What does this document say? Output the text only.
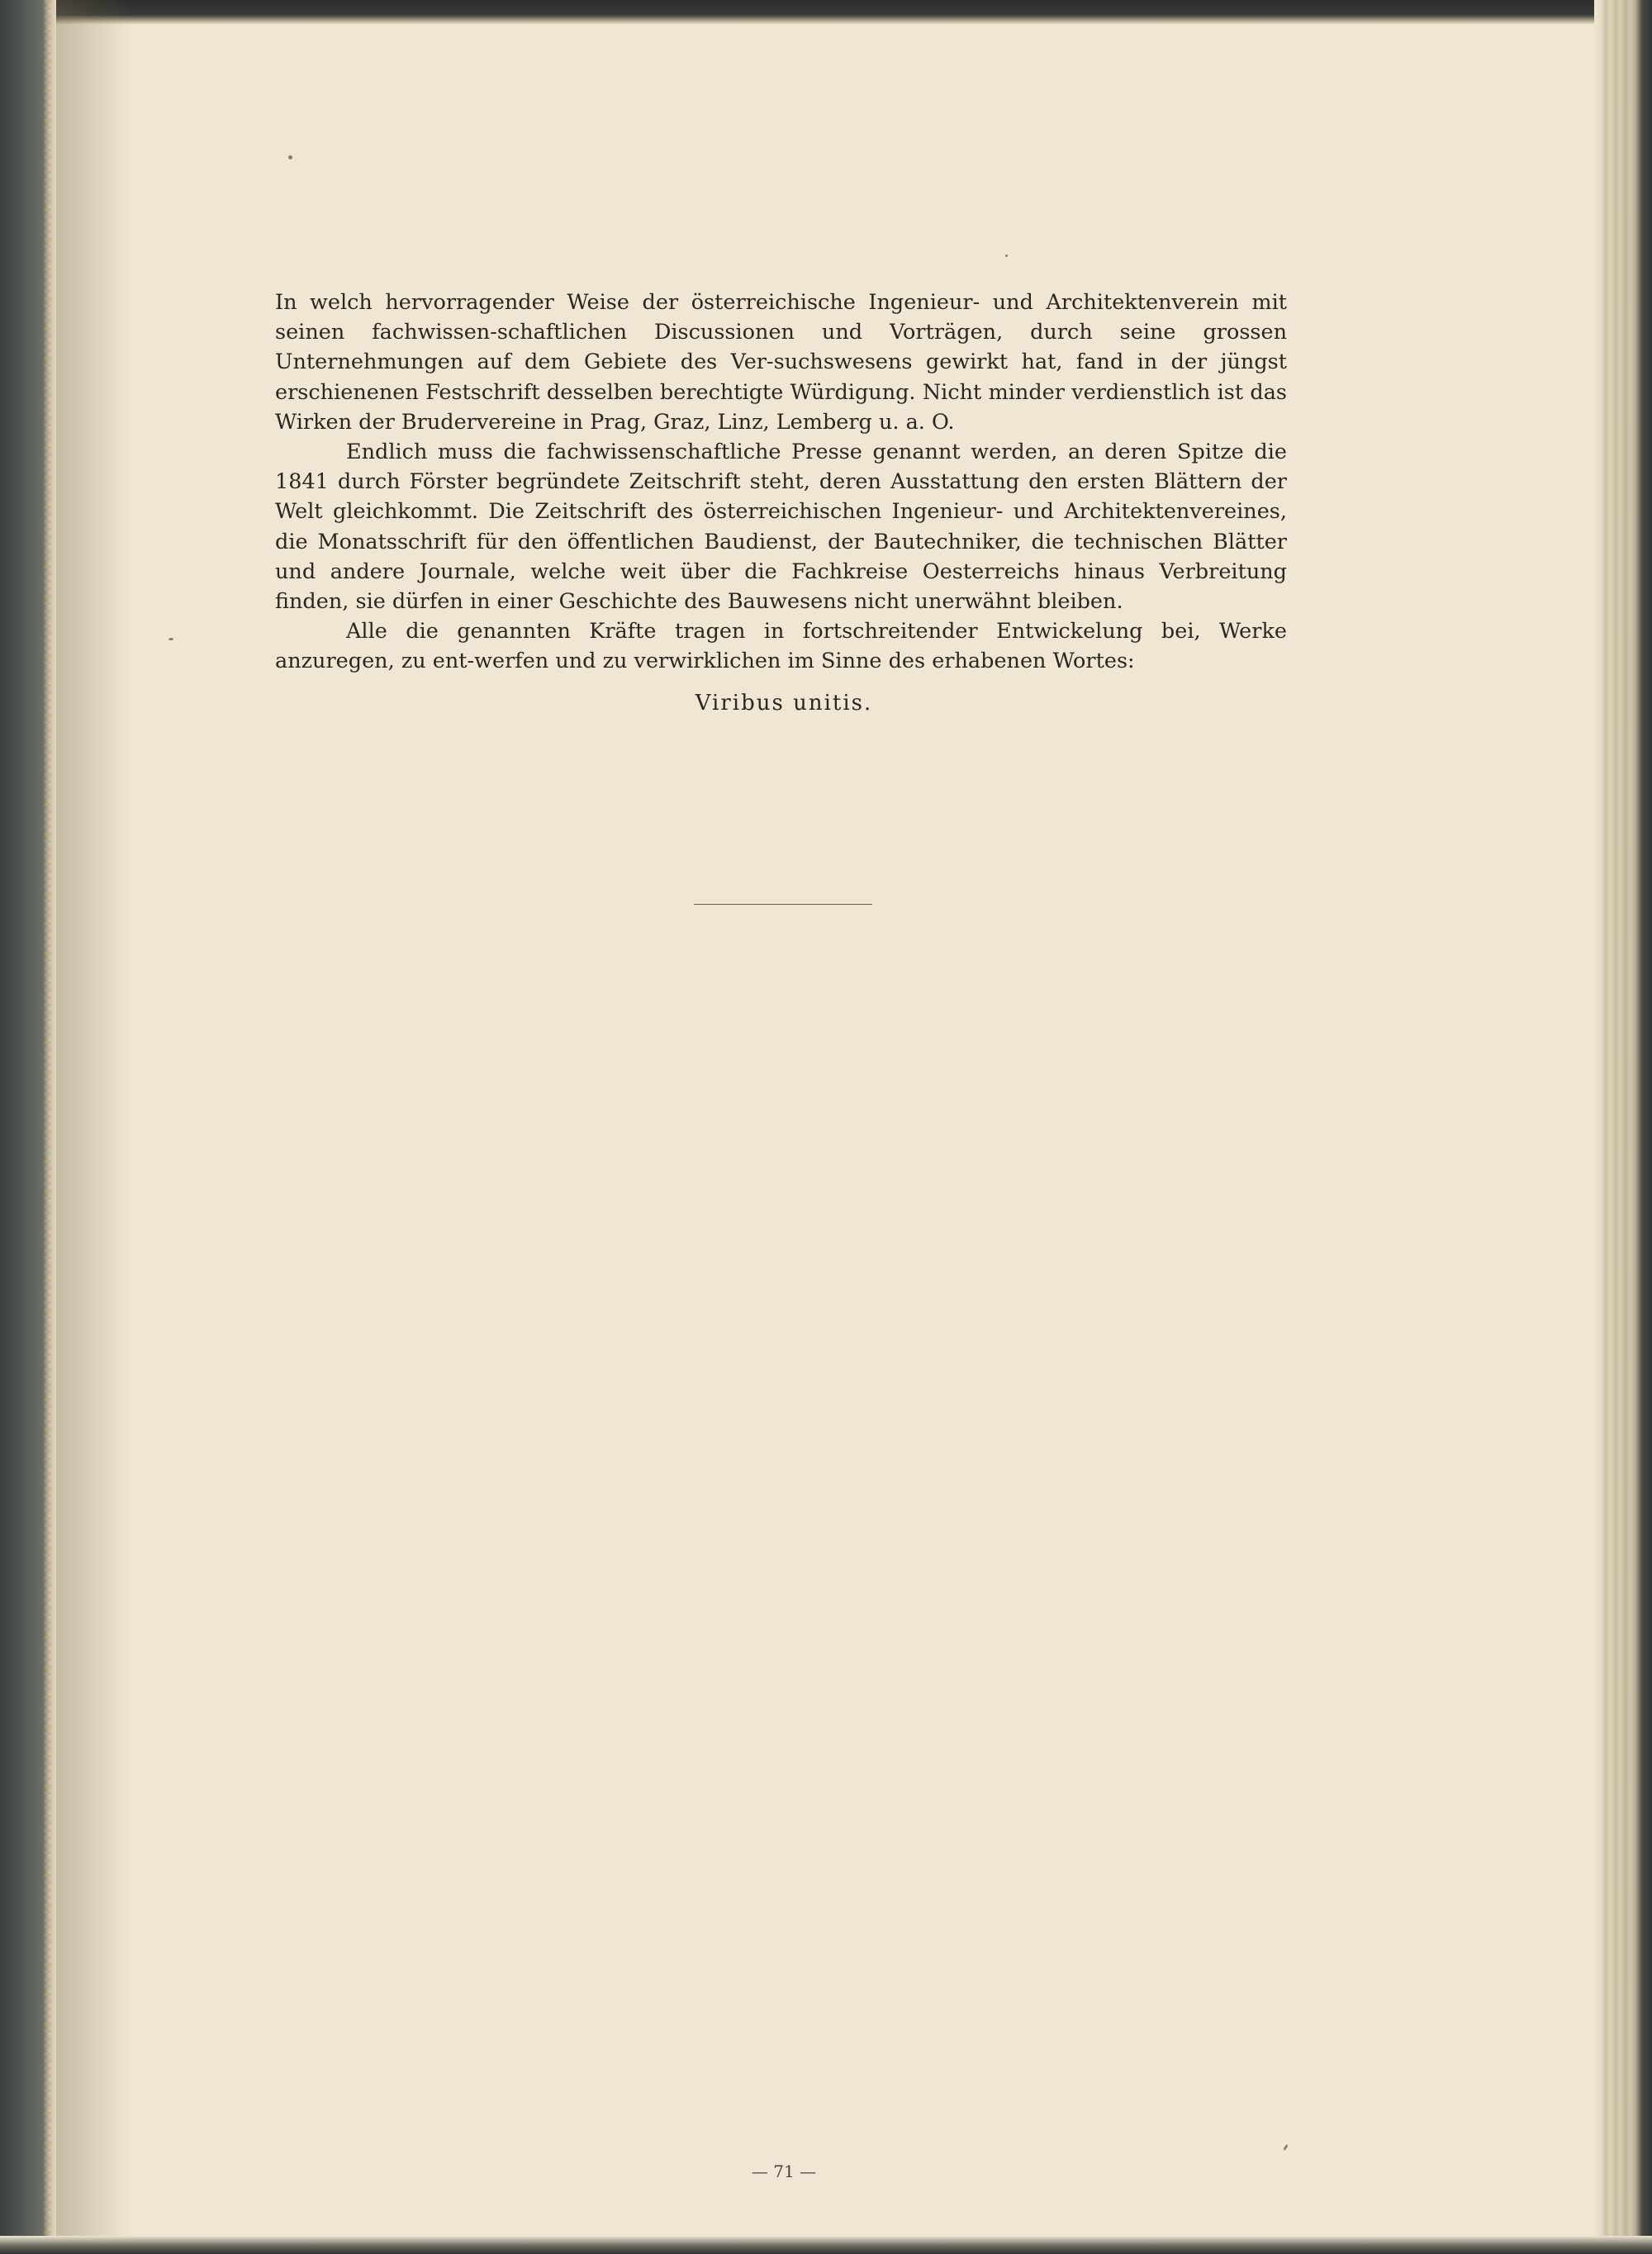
In welch hervorragender Weise der österreichische Ingenieur- und Architektenverein mit seinen fachwissen-schaftlichen Discussionen und Vorträgen, durch seine grossen Unternehmungen auf dem Gebiete des Ver-suchswesens gewirkt hat, fand in der jüngst erschienenen Festschrift desselben berechtigte Würdigung. Nicht minder verdienstlich ist das Wirken der Brudervereine in Prag, Graz, Linz, Lemberg u. a. O.

Endlich muss die fachwissenschaftliche Presse genannt werden, an deren Spitze die 1841 durch Förster begründete Zeitschrift steht, deren Ausstattung den ersten Blättern der Welt gleichkommt. Die Zeitschrift des österreichischen Ingenieur- und Architektenvereines, die Monatsschrift für den öffentlichen Baudienst, der Bautechniker, die technischen Blätter und andere Journale, welche weit über die Fachkreise Oesterreichs hinaus Verbreitung finden, sie dürfen in einer Geschichte des Bauwesens nicht unerwähnt bleiben.

Alle die genannten Kräfte tragen in fortschreitender Entwickelung bei, Werke anzuregen, zu ent-werfen und zu verwirklichen im Sinne des erhabenen Wortes:

Viribus unitis.
— 71 —
